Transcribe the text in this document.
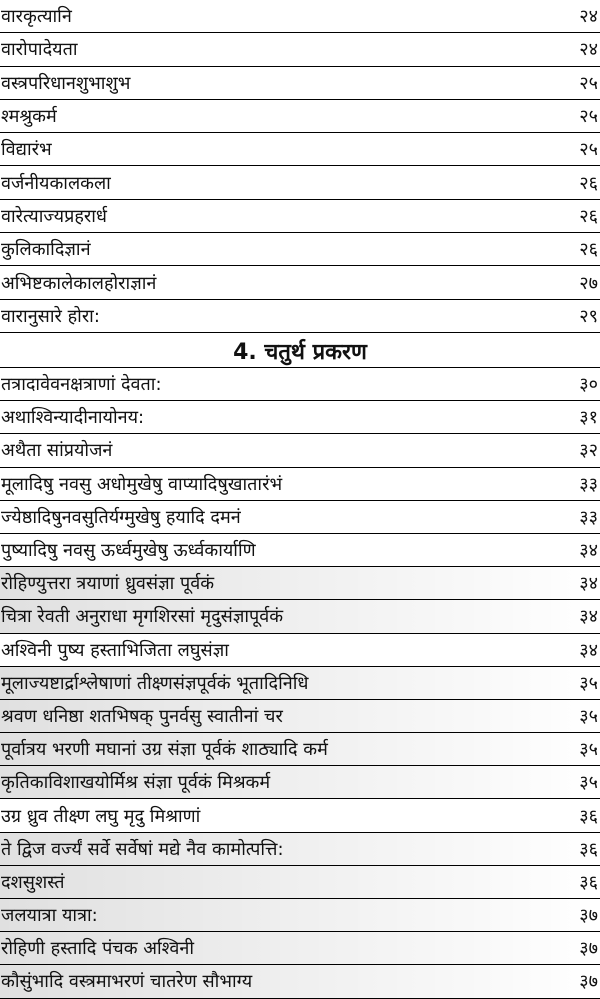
वारकृत्यानि	२४
वारोपादेयता	२४
वस्त्रपरिधानशुभाशुभ	२५
श्मश्रुकर्म	२५
विद्यारंभ	२५
वर्जनीयकालकला	२६
वारेत्याज्यप्रहरार्ध	२६
कुलिकादिज्ञानं	२६
अभिष्टकालेकालहोराज्ञानं	२७
वारानुसारे होरा:	२९
4. चतुर्थ प्रकरण
तत्रादावेवनक्षत्राणां देवता:	३०
अथाश्विन्यादीनायोनय:	३१
अथैता सांप्रयोजनं	३२
मूलादिषु नवसु अधोमुखेषु वाप्यादिषुखातारंभं	३३
ज्येष्ठादिषुनवसुतिर्यग्मुखेषु हयादि दमनं	३३
पुष्यादिषु नवसु ऊर्ध्वमुखेषु ऊर्ध्वकार्याणि	३४
रोहिण्युत्तरा त्रयाणां ध्रुवसंज्ञा पूर्वकं	३४
चित्रा रेवती अनुराधा मृगशिरसां मृदुसंज्ञापूर्वकं	३४
अश्विनी पुष्य हस्ताभिजिता लघुसंज्ञा	३४
मूलाज्यष्टार्द्राश्लेषाणां तीक्ष्णसंज्ञपूर्वकं भूतादिनिधि	३५
श्रवण धनिष्ठा शतभिषक् पुनर्वसु स्वातीनां चर	३५
पूर्वात्रय भरणी मघानां उग्र संज्ञा पूर्वकं शाठ्यादि कर्म	३५
कृतिकाविशाखयोर्मिश्र संज्ञा पूर्वकं मिश्रकर्म	३५
उग्र ध्रुव तीक्ष्ण लघु मृदु मिश्राणां	३६
ते द्विज वर्ज्यं सर्वे सर्वेषां मद्ये नैव कामोत्पत्ति:	३६
दशसुशस्तं	३६
जलयात्रा यात्रा:	३७
रोहिणी हस्तादि पंचक अश्विनी	३७
कौसुंभादि वस्त्रमाभरणं चातरेण सौभाग्य	३७
